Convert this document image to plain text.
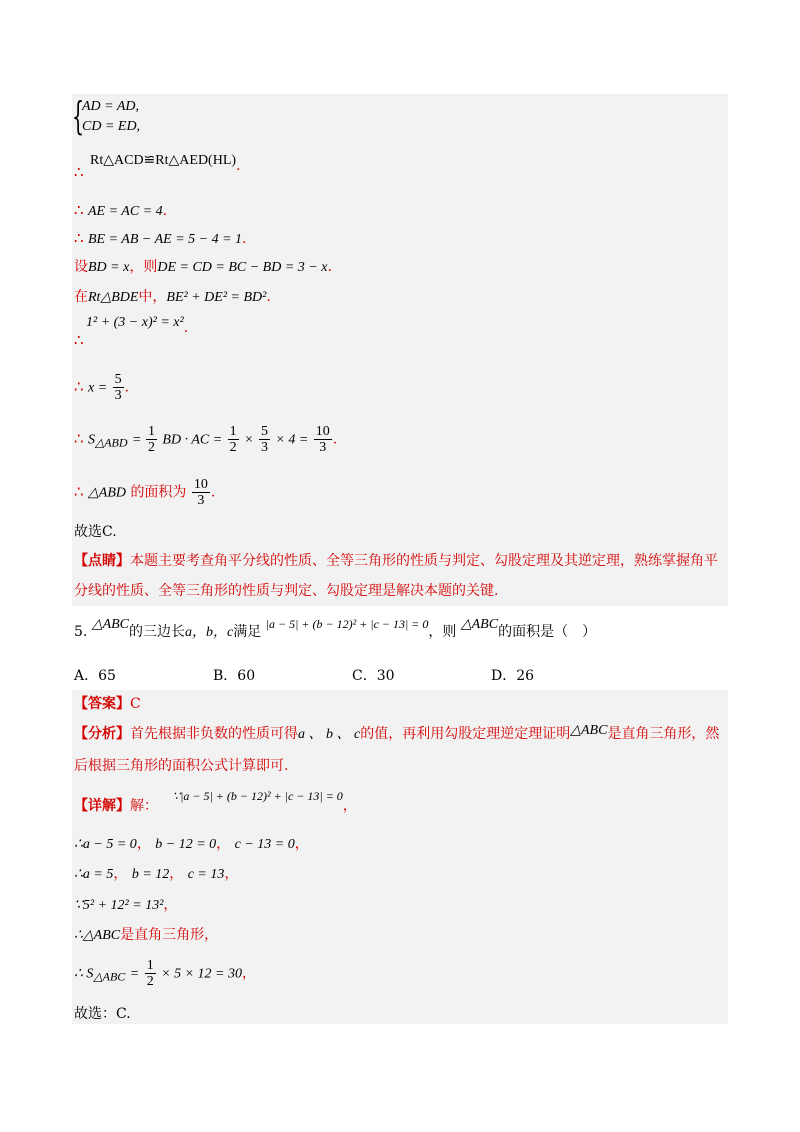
{
AD = AD,
CD = ED,
Rt△ACD≌Rt△AED(HL).
∴
∴ AE = AC = 4.
∴ BE = AB − AE = 5 − 4 = 1.
设BD = x，则DE = CD = BC − BD = 3 − x.
在Rt△BDE中，BE² + DE² = BD².
1² + (3 − x)² = x².
∴
∴ $x = \frac{5}{3}$ .
∴ S△ABD = $\frac{1}{2}$ BD · AC = $\frac{1}{2} \times \frac{5}{3} \times 4 = \frac{10}{3}$ .
∴ △ABD 的面积为 $\frac{10}{3}$ .
故选C.
【点睛】本题主要考查角平分线的性质、全等三角形的性质与判定、勾股定理及其逆定理，熟练掌握角平
分线的性质、全等三角形的性质与判定、勾股定理是解决本题的关键.
5. △ABC的三边长a，b，c满足 |a − 5| + (b − 12)² + |c − 13| = 0，则 △ABC的面积是（　）
A．65	B．60	C．30	D．26
【答案】C
【分析】首先根据非负数的性质可得a 、 b 、 c的值，再利用勾股定理逆定理证明△ABC是直角三角形，然
后根据三角形的面积公式计算即可.
【详解】解： ∵|a − 5| + (b − 12)² + |c − 13| = 0，
∴a − 5 = 0， b − 12 = 0， c − 13 = 0，
∴a = 5， b = 12， c = 13，
∵5² + 12² = 13²，
∴△ABC是直角三角形，
∴ S△ABC = $\frac{1}{2} \times 5 \times 12 = 30$，
故选：C.
